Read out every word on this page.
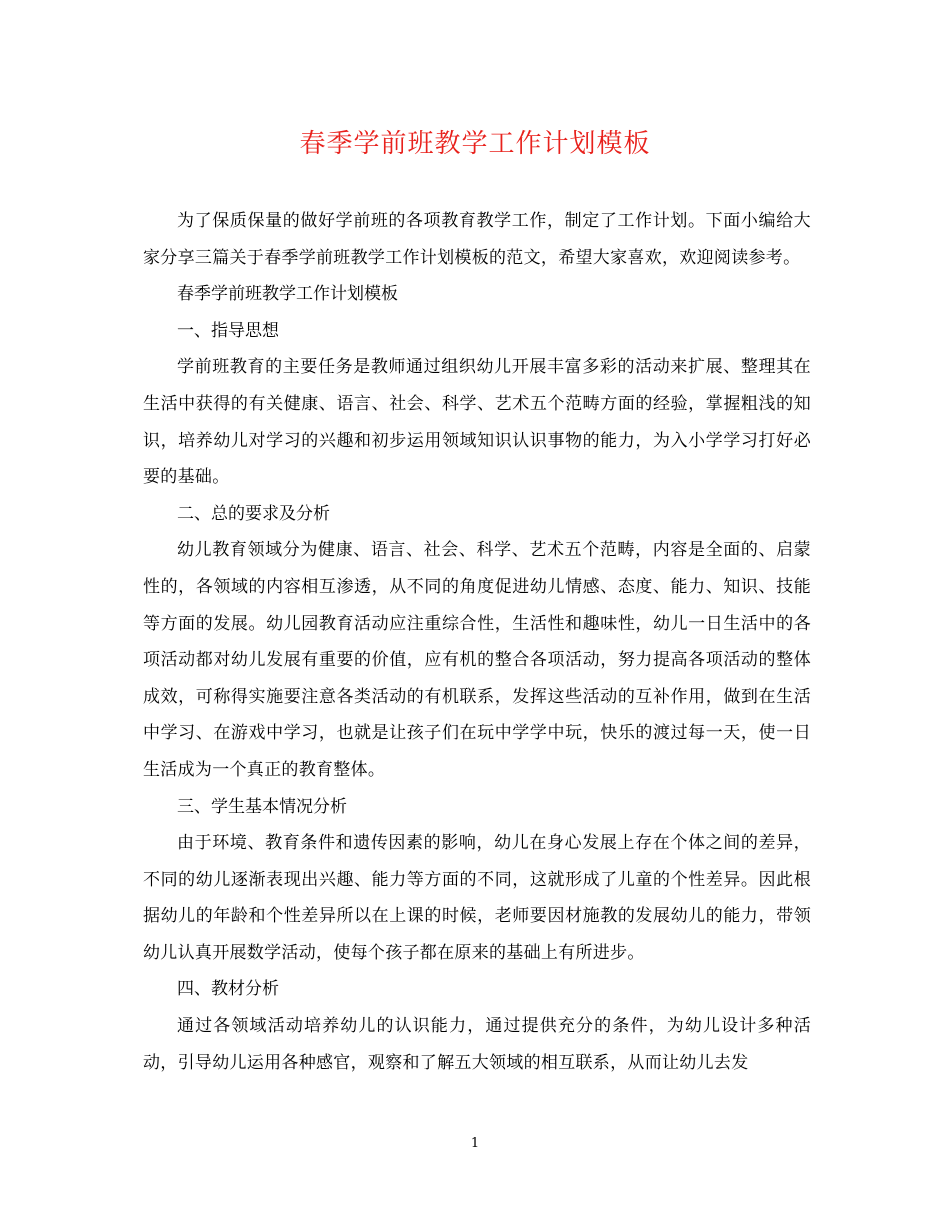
春季学前班教学工作计划模板

为了保质保量的做好学前班的各项教育教学工作，制定了工作计划。下面小编给大家分享三篇关于春季学前班教学工作计划模板的范文，希望大家喜欢，欢迎阅读参考。

春季学前班教学工作计划模板

一、指导思想

学前班教育的主要任务是教师通过组织幼儿开展丰富多彩的活动来扩展、整理其在生活中获得的有关健康、语言、社会、科学、艺术五个范畴方面的经验，掌握粗浅的知识，培养幼儿对学习的兴趣和初步运用领域知识认识事物的能力，为入小学学习打好必要的基础。

二、总的要求及分析

幼儿教育领域分为健康、语言、社会、科学、艺术五个范畴，内容是全面的、启蒙性的，各领域的内容相互渗透，从不同的角度促进幼儿情感、态度、能力、知识、技能等方面的发展。幼儿园教育活动应注重综合性，生活性和趣味性，幼儿一日生活中的各项活动都对幼儿发展有重要的价值，应有机的整合各项活动，努力提高各项活动的整体成效，可称得实施要注意各类活动的有机联系，发挥这些活动的互补作用，做到在生活中学习、在游戏中学习，也就是让孩子们在玩中学学中玩，快乐的渡过每一天，使一日生活成为一个真正的教育整体。

三、学生基本情况分析

由于环境、教育条件和遗传因素的影响，幼儿在身心发展上存在个体之间的差异，不同的幼儿逐渐表现出兴趣、能力等方面的不同，这就形成了儿童的个性差异。因此根据幼儿的年龄和个性差异所以在上课的时候，老师要因材施教的发展幼儿的能力，带领幼儿认真开展数学活动，使每个孩子都在原来的基础上有所进步。

四、教材分析

通过各领域活动培养幼儿的认识能力，通过提供充分的条件，为幼儿设计多种活动，引导幼儿运用各种感官，观察和了解五大领域的相互联系，从而让幼儿去发

1
